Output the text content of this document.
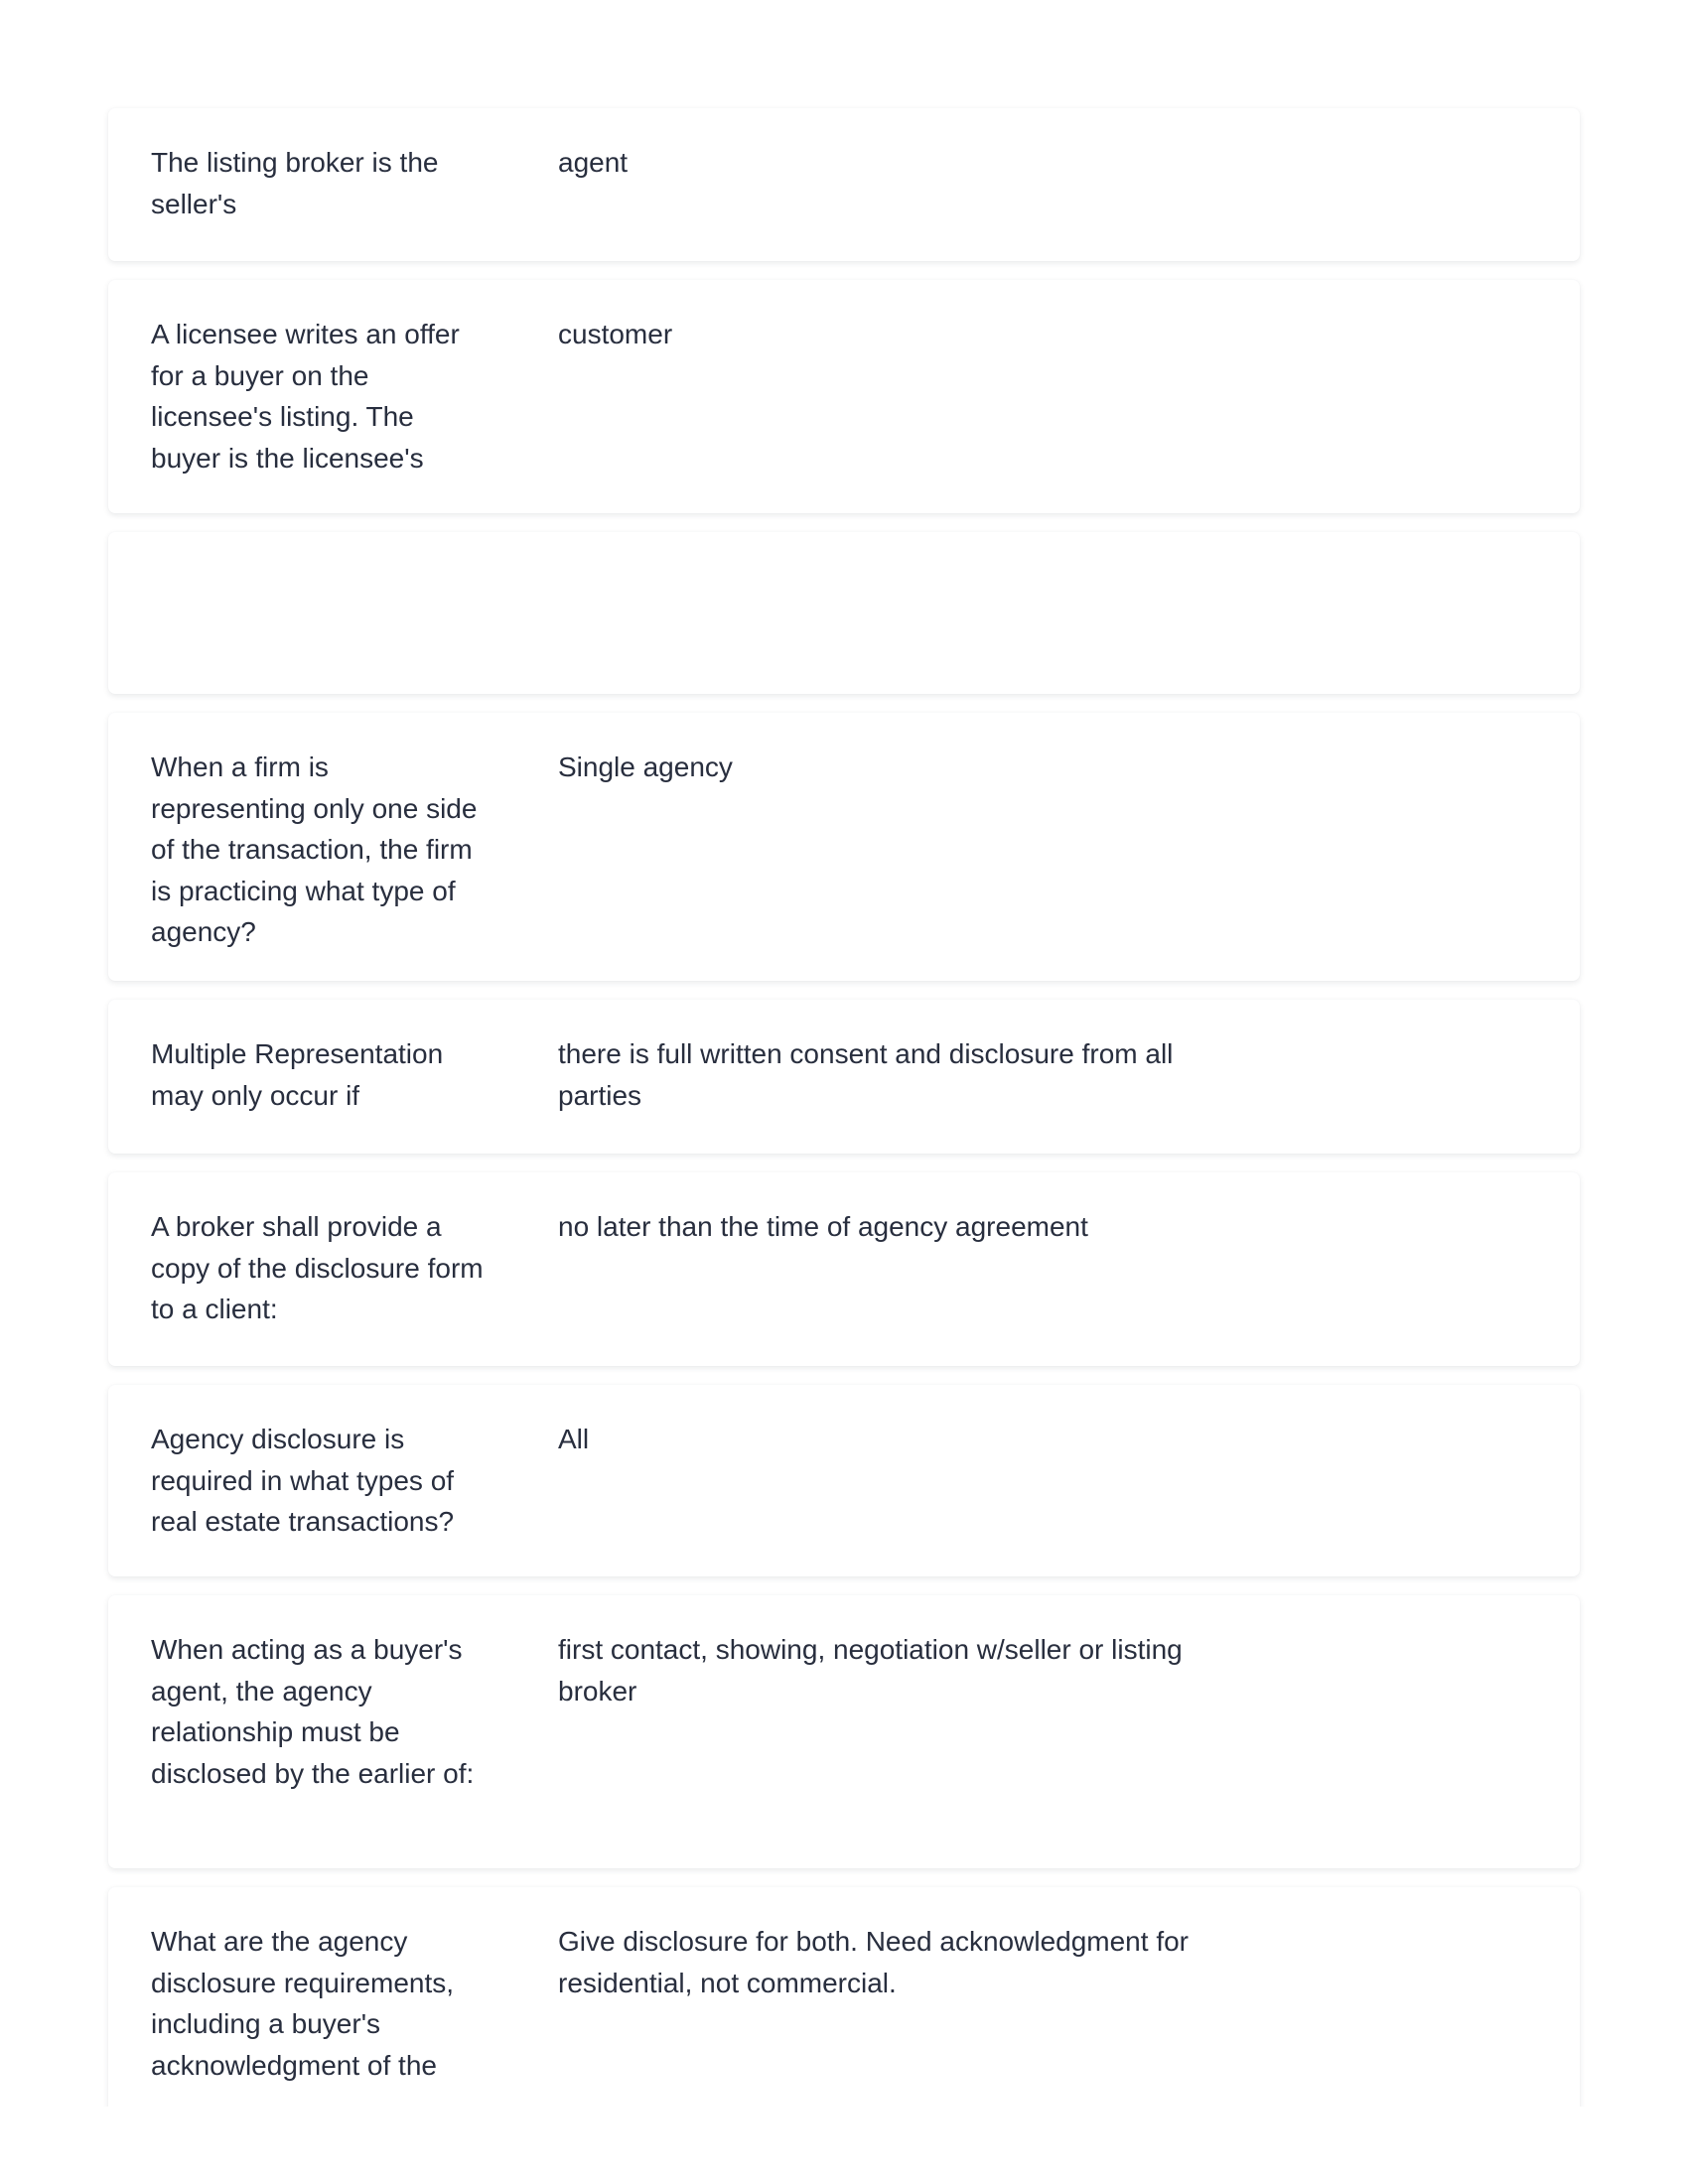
The listing broker is the seller's
agent
A licensee writes an offer for a buyer on the licensee's listing. The buyer is the licensee's
customer
When a firm is representing only one side of the transaction, the firm is practicing what type of agency?
Single agency
Multiple Representation may only occur if
there is full written consent and disclosure from all parties
A broker shall provide a copy of the disclosure form to a client:
no later than the time of agency agreement
Agency disclosure is required in what types of real estate transactions?
All
When acting as a buyer's agent, the agency relationship must be disclosed by the earlier of:
first contact, showing, negotiation w/seller or listing broker
What are the agency disclosure requirements, including a buyer's acknowledgment of the
Give disclosure for both. Need acknowledgment for residential, not commercial.
